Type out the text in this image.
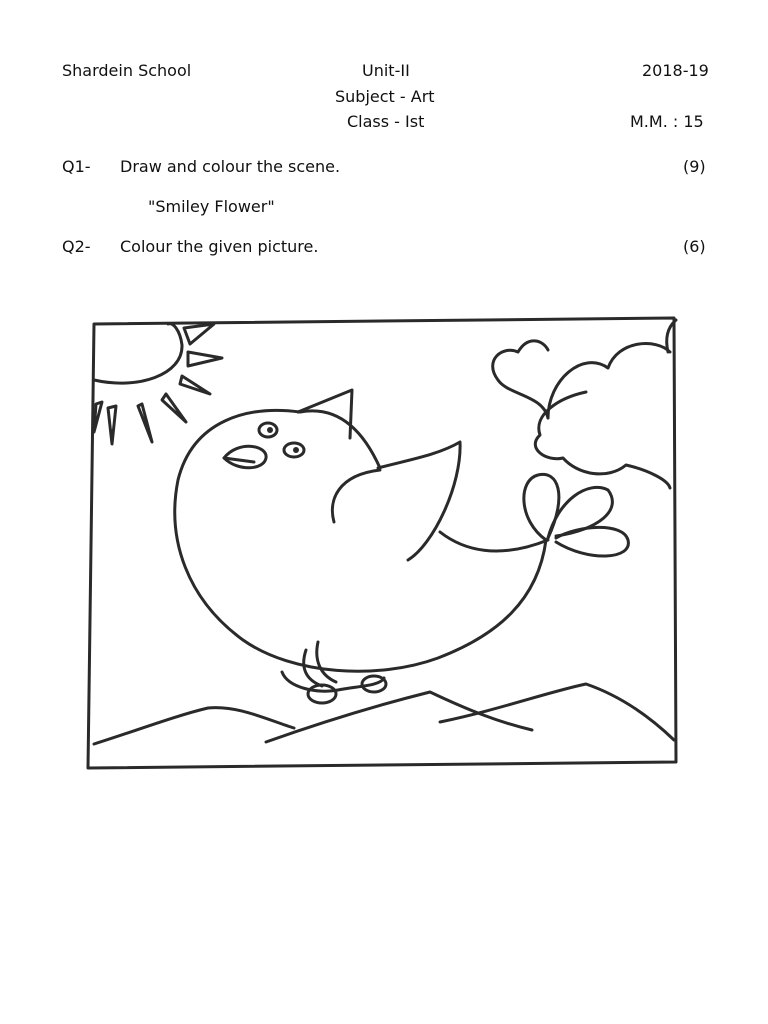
Shardein School	Unit-II	2018-19
Subject - Art
Class - Ist	M.M. : 15
Q1- Draw and colour the scene.	(9)
"Smiley Flower"
Q2- Colour the given picture.	(6)
